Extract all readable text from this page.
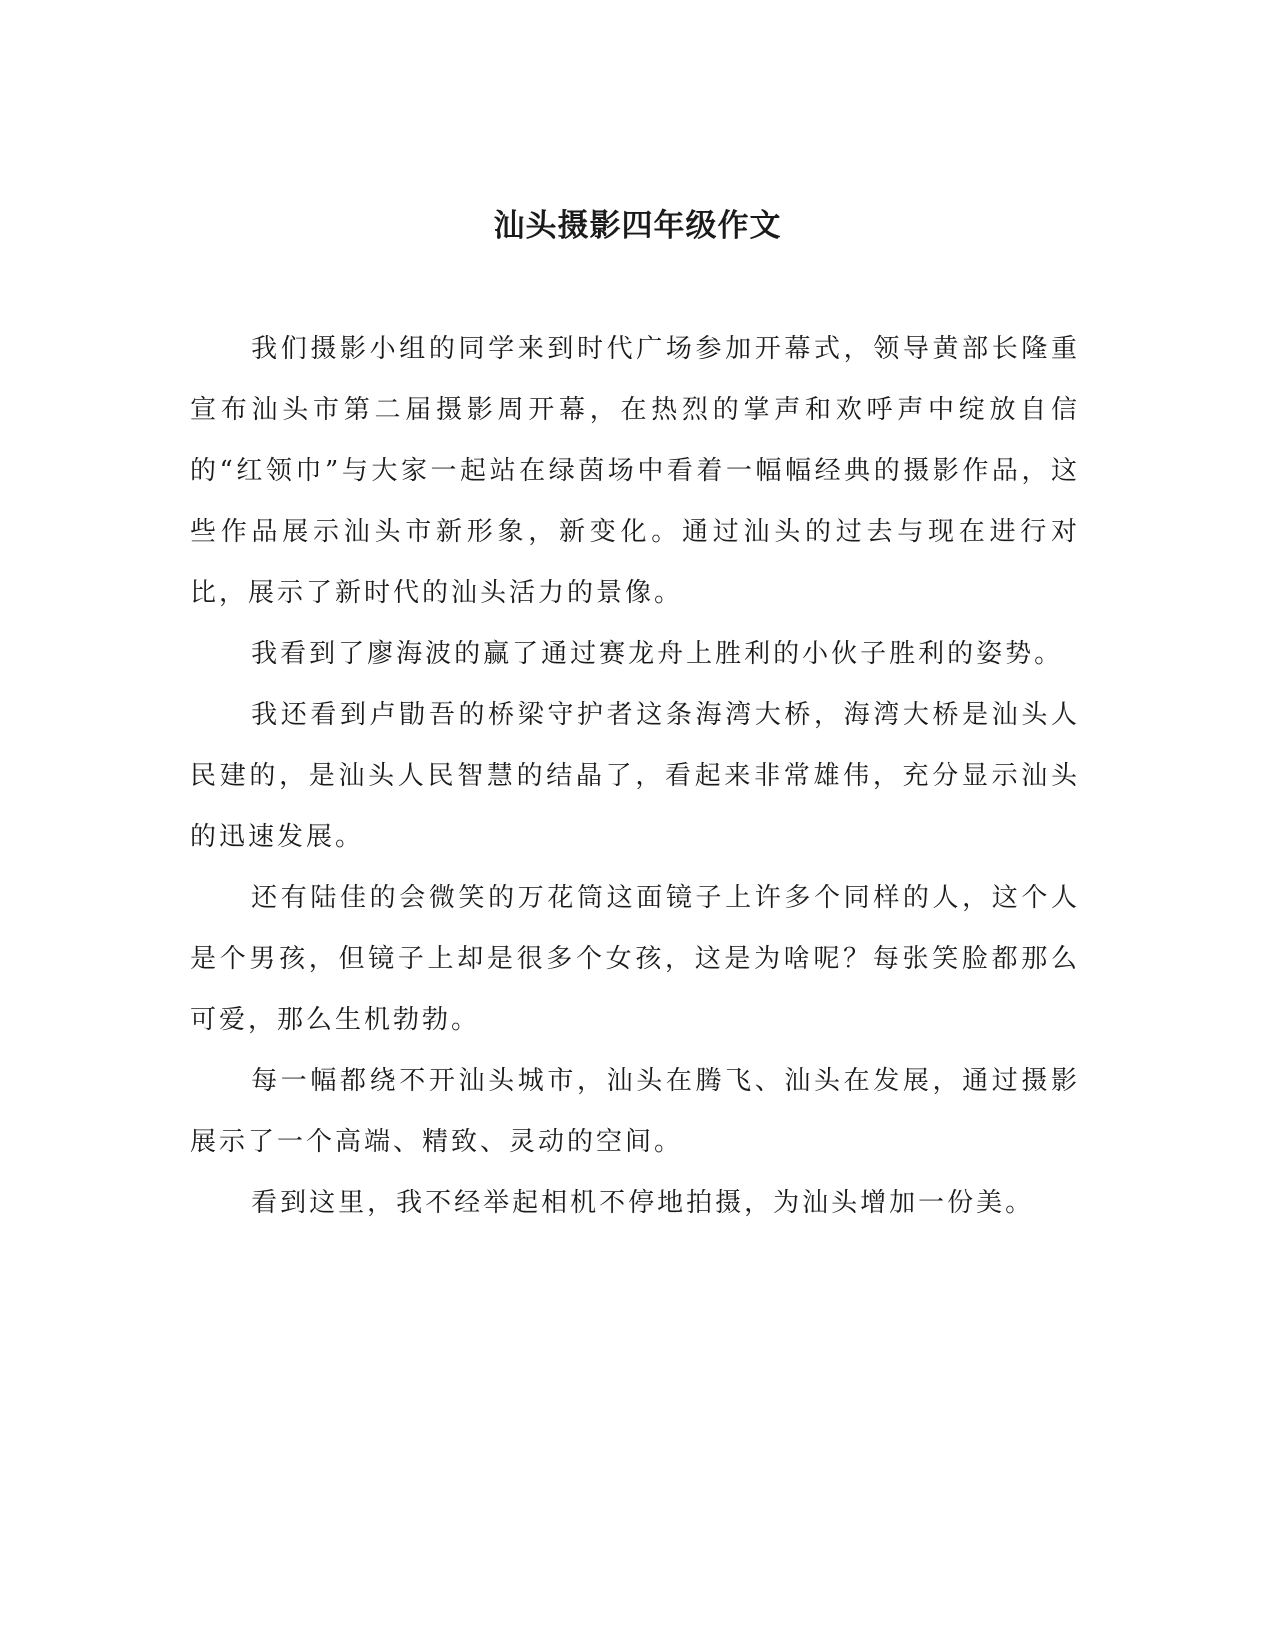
汕头摄影四年级作文

我们摄影小组的同学来到时代广场参加开幕式，领导黄部长隆重宣布汕头市第二届摄影周开幕，在热烈的掌声和欢呼声中绽放自信的“红领巾”与大家一起站在绿茵场中看着一幅幅经典的摄影作品，这些作品展示汕头市新形象，新变化。通过汕头的过去与现在进行对比，展示了新时代的汕头活力的景像。

我看到了廖海波的赢了通过赛龙舟上胜利的小伙子胜利的姿势。

我还看到卢勖吾的桥梁守护者这条海湾大桥，海湾大桥是汕头人民建的，是汕头人民智慧的结晶了，看起来非常雄伟，充分显示汕头的迅速发展。

还有陆佳的会微笑的万花筒这面镜子上许多个同样的人，这个人是个男孩，但镜子上却是很多个女孩，这是为啥呢？每张笑脸都那么可爱，那么生机勃勃。

每一幅都绕不开汕头城市，汕头在腾飞、汕头在发展，通过摄影展示了一个高端、精致、灵动的空间。

看到这里，我不经举起相机不停地拍摄，为汕头增加一份美。
